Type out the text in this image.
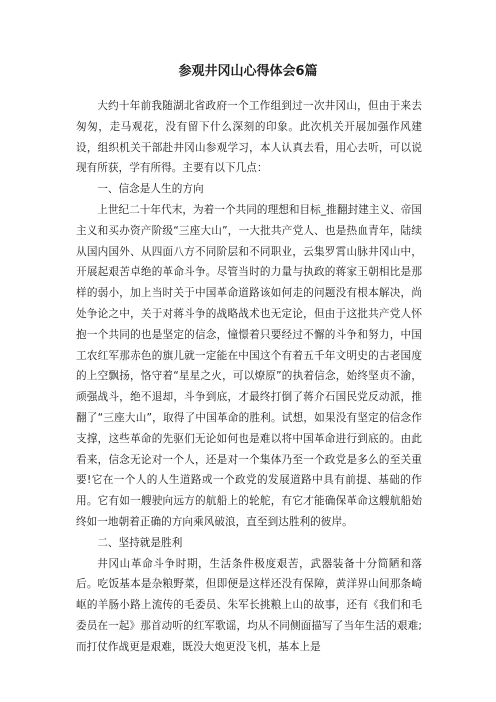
参观井冈山心得体会6篇

大约十年前我随湖北省政府一个工作组到过一次井冈山，但由于来去匆匆，走马观花，没有留下什么深刻的印象。此次机关开展加强作风建设，组织机关干部赴井冈山参观学习，本人认真去看，用心去听，可以说现有所获，学有所得。主要有以下几点：

一、信念是人生的方向

上世纪二十年代末，为着一个共同的理想和目标_推翻封建主义、帝国主义和买办资产阶级“三座大山”，一大批共产党人、也是热血青年，陆续从国内国外、从四面八方不同阶层和不同职业，云集罗霄山脉井冈山中，开展起艰苦卓绝的革命斗争。尽管当时的力量与执政的蒋家王朝相比是那样的弱小，加上当时关于中国革命道路该如何走的问题没有根本解决，尚处争论之中，关于对蒋斗争的战略战术也无定论，但由于这批共产党人怀抱一个共同的也是坚定的信念，憧憬着只要经过不懈的斗争和努力，中国工农红军那赤色的旗儿就一定能在中国这个有着五千年文明史的古老国度的上空飘扬，恪守着“星星之火，可以燎原”的执着信念，始终坚贞不渝，顽强战斗，绝不退却，斗争到底，才最终打倒了蒋介石国民党反动派，推翻了“三座大山”，取得了中国革命的胜利。试想，如果没有坚定的信念作支撑，这些革命的先驱们无论如何也是难以将中国革命进行到底的。由此看来，信念无论对一个人，还是对一个集体乃至一个政党是多么的至关重要!它在一个人的人生道路或一个政党的发展道路中具有前提、基础的作用。它有如一艘驶向远方的航船上的轮舵，有它才能确保革命这艘航船始终如一地朝着正确的方向乘风破浪，直至到达胜利的彼岸。

二、坚持就是胜利

井冈山革命斗争时期，生活条件极度艰苦，武器装备十分简陋和落后。吃饭基本是杂粮野菜，但即便是这样还没有保障，黄洋界山间那条崎岖的羊肠小路上流传的毛委员、朱军长挑粮上山的故事，还有《我们和毛委员在一起》那首动听的红军歌谣，均从不同侧面描写了当年生活的艰难;而打仗作战更是艰难，既没大炮更没飞机，基本上是
